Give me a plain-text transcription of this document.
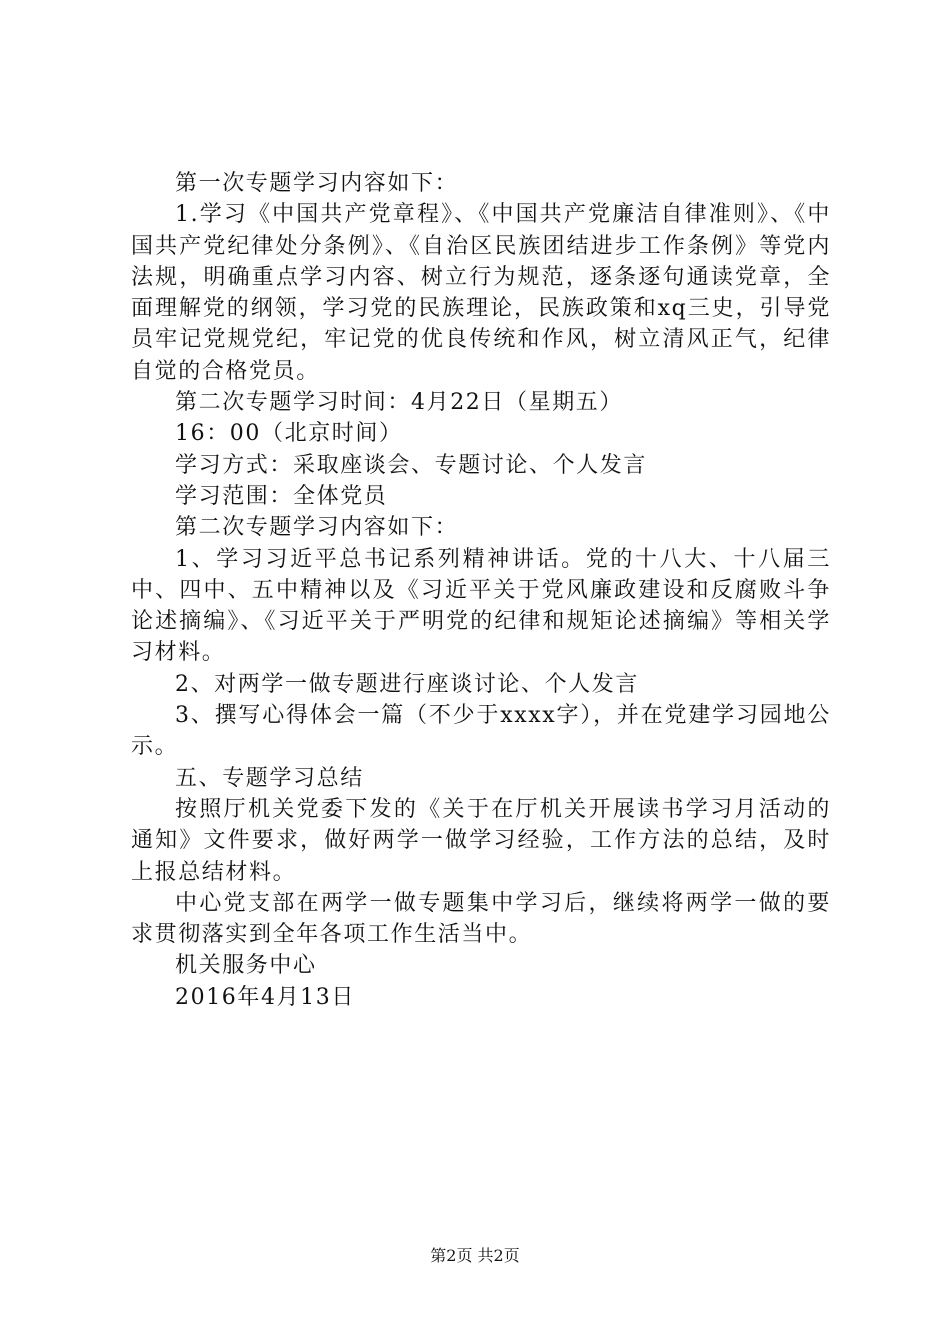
第一次专题学习内容如下：

1.学习《中国共产党章程》、《中国共产党廉洁自律准则》、《中国共产党纪律处分条例》、《自治区民族团结进步工作条例》等党内法规，明确重点学习内容、树立行为规范，逐条逐句通读党章，全面理解党的纲领，学习党的民族理论，民族政策和xq三史，引导党员牢记党规党纪，牢记党的优良传统和作风，树立清风正气，纪律自觉的合格党员。

第二次专题学习时间：4月22日（星期五）

16：00（北京时间）

学习方式：采取座谈会、专题讨论、个人发言

学习范围：全体党员

第二次专题学习内容如下：

1、学习习近平总书记系列精神讲话。党的十八大、十八届三中、四中、五中精神以及《习近平关于党风廉政建设和反腐败斗争论述摘编》、《习近平关于严明党的纪律和规矩论述摘编》等相关学习材料。

2、对两学一做专题进行座谈讨论、个人发言

3、撰写心得体会一篇（不少于xxxx字），并在党建学习园地公示。

五、专题学习总结

按照厅机关党委下发的《关于在厅机关开展读书学习月活动的通知》文件要求，做好两学一做学习经验，工作方法的总结，及时上报总结材料。

中心党支部在两学一做专题集中学习后，继续将两学一做的要求贯彻落实到全年各项工作生活当中。

机关服务中心

2016年4月13日

第2页 共2页
